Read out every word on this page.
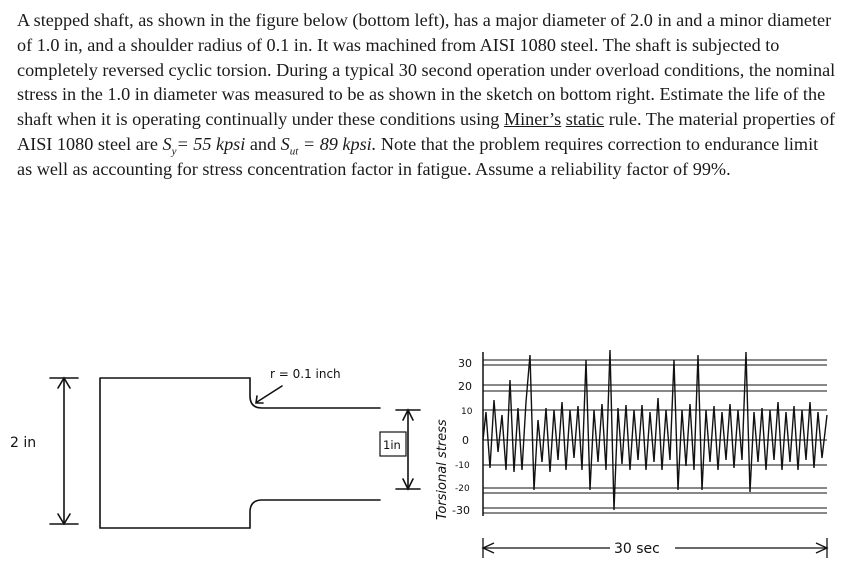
A stepped shaft, as shown in the figure below (bottom left), has a major diameter of 2.0 in and a minor diameter of 1.0 in, and a shoulder radius of 0.1 in. It was machined from AISI 1080 steel. The shaft is subjected to completely reversed cyclic torsion. During a typical 30 second operation under overload conditions, the nominal stress in the 1.0 in diameter was measured to be as shown in the sketch on bottom right. Estimate the life of the shaft when it is operating continually under these conditions using Miner’s static rule. The material properties of AISI 1080 steel are $S_y= 55$ kpsi and $S_{ut} = 89$ kpsi. Note that the problem requires correction to endurance limit as well as accounting for stress concentration factor in fatigue. Assume a reliability factor of 99%.

2 in	1in
r = 0.1 inch
30
20
10
0
-10
-20
-30
Torsional stress
30 sec
